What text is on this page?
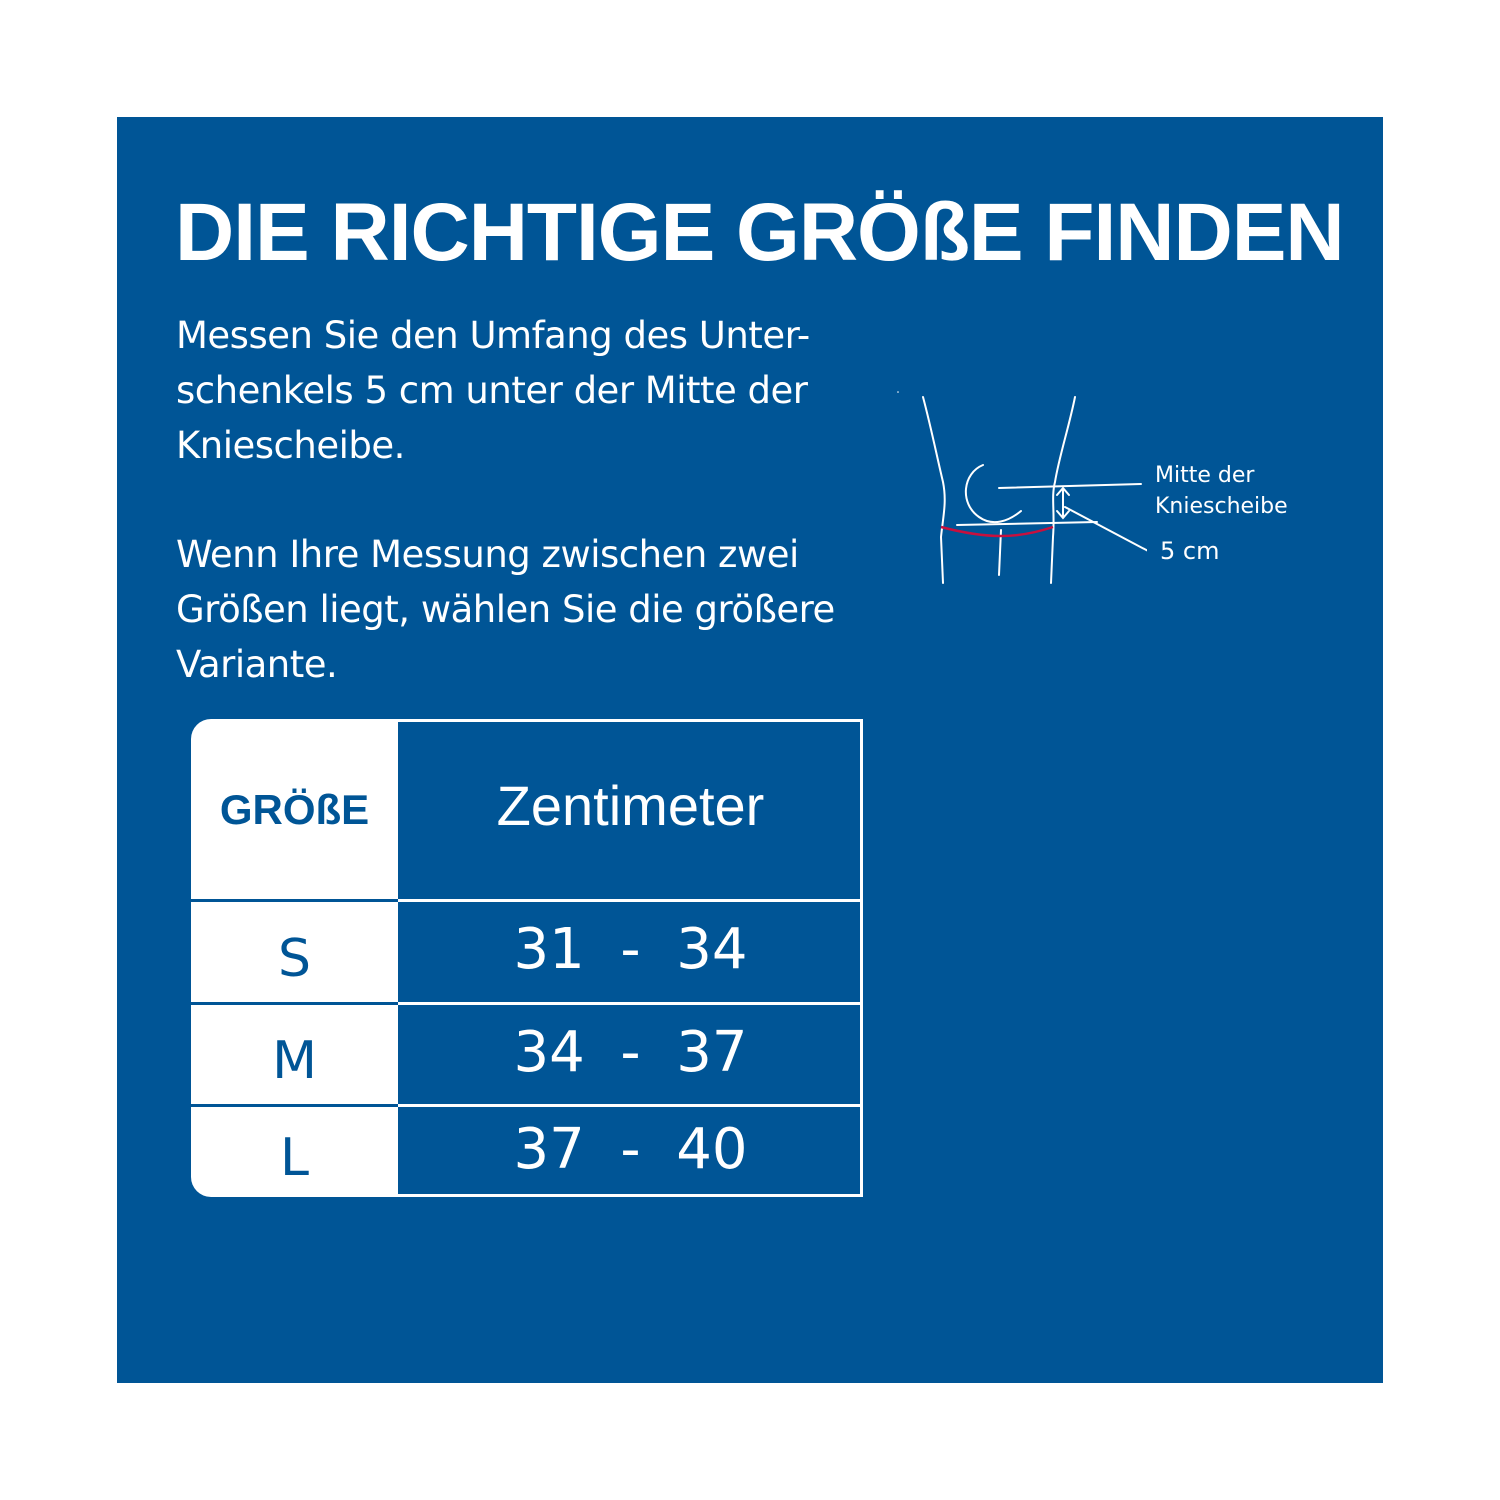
DIE RICHTIGE GRÖßE FINDEN

Messen Sie den Umfang des Unter-
schenkels 5 cm unter der Mitte der
Kniescheibe.

Wenn Ihre Messung zwischen zwei
Größen liegt, wählen Sie die größere
Variante.

Mitte der
Kniescheibe
5 cm
GRÖßE	Zentimeter
S	31  -  34
M	34  -  37
L	37  -  40
